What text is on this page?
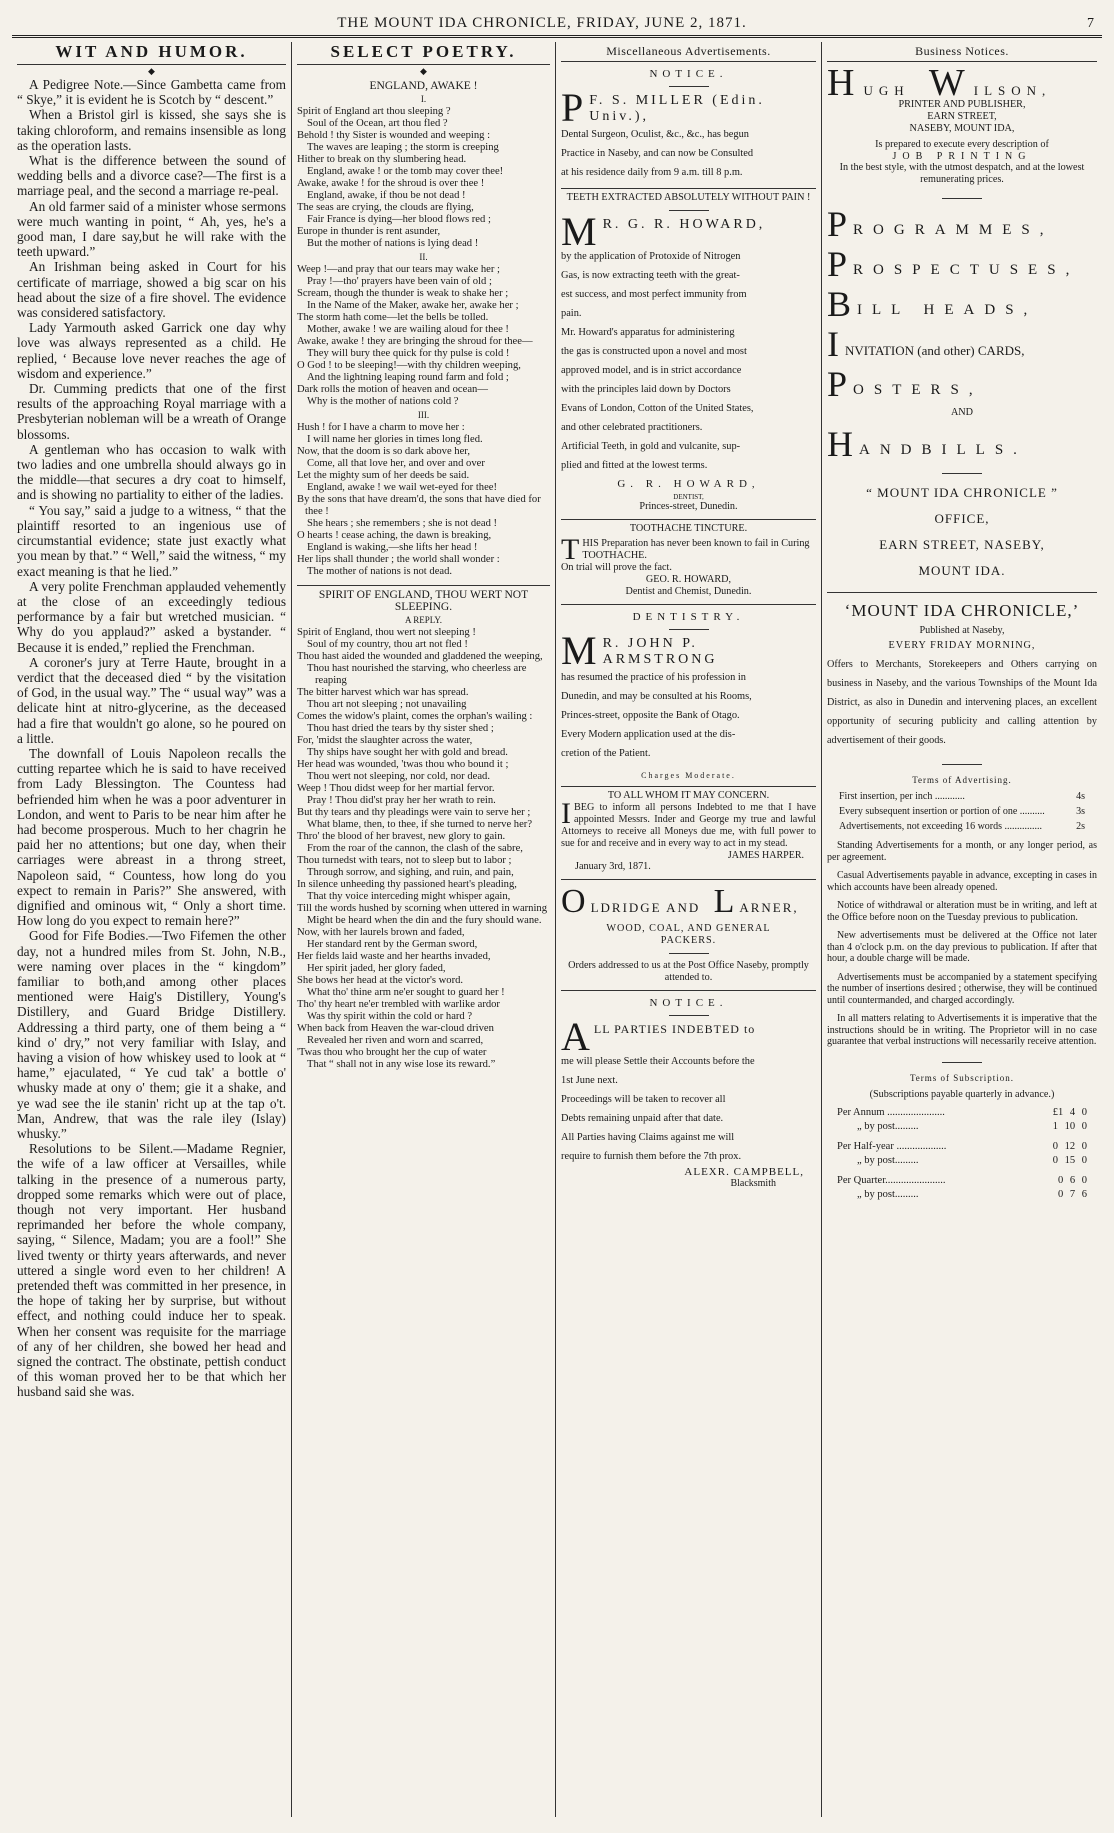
THE MOUNT IDA CHRONICLE, FRIDAY, JUNE 2, 1871.	7
WIT AND HUMOR.
◆

A Pedigree Note.—Since Gambetta came from “ Skye,” it is evident he is Scotch by “ descent.”

When a Bristol girl is kissed, she says she is taking chloroform, and remains insensible as long as the operation lasts.

What is the difference between the sound of wedding bells and a divorce case?—The first is a marriage peal, and the second a marriage re-peal.

An old farmer said of a minister whose sermons were much wanting in point, “ Ah, yes, he's a good man, I dare say,but he will rake with the teeth upward.”

An Irishman being asked in Court for his certificate of marriage, showed a big scar on his head about the size of a fire shovel. The evidence was considered satisfactory.

Lady Yarmouth asked Garrick one day why love was always represented as a child. He replied, ‘ Because love never reaches the age of wisdom and experience.”

Dr. Cumming predicts that one of the first results of the approaching Royal marriage with a Presbyterian nobleman will be a wreath of Orange blossoms.

A gentleman who has occasion to walk with two ladies and one umbrella should always go in the middle—that secures a dry coat to himself, and is showing no partiality to either of the ladies.

“ You say,” said a judge to a witness, “ that the plaintiff resorted to an ingenious use of circumstantial evidence; state just exactly what you mean by that.” “ Well,” said the witness, “ my exact meaning is that he lied.”

A very polite Frenchman applauded vehemently at the close of an exceedingly tedious performance by a fair but wretched musician. “ Why do you applaud?” asked a bystander. “ Because it is ended,” replied the Frenchman.

A coroner's jury at Terre Haute, brought in a verdict that the deceased died “ by the visitation of God, in the usual way.” The “ usual way” was a delicate hint at nitro-glycerine, as the deceased had a fire that wouldn't go alone, so he poured on a little.

The downfall of Louis Napoleon recalls the cutting repartee which he is said to have received from Lady Blessington. The Countess had befriended him when he was a poor adventurer in London, and went to Paris to be near him after he had become prosperous. Much to her chagrin he paid her no attentions; but one day, when their carriages were abreast in a throng street, Napoleon said, “ Countess, how long do you expect to remain in Paris?” She answered, with dignified and ominous wit, “ Only a short time. How long do you expect to remain here?”

Good for Fife Bodies.—Two Fifemen the other day, not a hundred miles from St. John, N.B., were naming over places in the “ kingdom” familiar to both,and among other places mentioned were Haig's Distillery, Young's Distillery, and Guard Bridge Distillery. Addressing a third party, one of them being a “ kind o' dry,” not very familiar with Islay, and having a vision of how whiskey used to look at “ hame,” ejaculated, “ Ye cud tak' a bottle o' whusky made at ony o' them; gie it a shake, and ye wad see the ile stanin' richt up at the tap o't. Man, Andrew, that was the rale iley (Islay) whusky.”

Resolutions to be Silent.—Madame Regnier, the wife of a law officer at Versailles, while talking in the presence of a numerous party, dropped some remarks which were out of place, though not very important. Her husband reprimanded her before the whole company, saying, “ Silence, Madam; you are a fool!” She lived twenty or thirty years afterwards, and never uttered a single word even to her children! A pretended theft was committed in her presence, in the hope of taking her by surprise, but without effect, and nothing could induce her to speak. When her consent was requisite for the marriage of any of her children, she bowed her head and signed the contract. The obstinate, pettish conduct of this woman proved her to be that which her husband said she was.

SELECT POETRY.
◆
ENGLAND, AWAKE !
I.
Spirit of England art thou sleeping ?
Soul of the Ocean, art thou fled ?
Behold ! thy Sister is wounded and weeping :
The waves are leaping ; the storm is creeping
Hither to break on thy slumbering head.
England, awake ! or the tomb may cover thee!
Awake, awake ! for the shroud is over thee !
England, awake, if thou be not dead !
The seas are crying, the clouds are flying,
Fair France is dying—her blood flows red ;
Europe in thunder is rent asunder,
But the mother of nations is lying dead !
II.
Weep !—and pray that our tears may wake her ;
Pray !—tho' prayers have been vain of old ;
Scream, though the thunder is weak to shake her ;
In the Name of the Maker, awake her, awake her ;
The storm hath come—let the bells be tolled.
Mother, awake ! we are wailing aloud for thee !
Awake, awake ! they are bringing the shroud for thee—
They will bury thee quick for thy pulse is cold !
O God ! to be sleeping!—with thy children weeping,
And the lightning leaping round farm and fold ;
Dark rolls the motion of heaven and ocean—
Why is the mother of nations cold ?
III.
Hush ! for I have a charm to move her :
I will name her glories in times long fled.
Now, that the doom is so dark above her,
Come, all that love her, and over and over
Let the mighty sum of her deeds be said.
England, awake ! we wail wet-eyed for thee!
By the sons that have dream'd, the sons that have died for thee !
She hears ; she remembers ; she is not dead !
O hearts ! cease aching, the dawn is breaking,
England is waking,—she lifts her head !
Her lips shall thunder ; the world shall wonder :
The mother of nations is not dead.
SPIRIT OF ENGLAND, THOU WERT NOT SLEEPING.
A REPLY.
Spirit of England, thou wert not sleeping !
Soul of my country, thou art not fled !
Thou hast aided the wounded and gladdened the weeping,
Thou hast nourished the starving, who cheerless are reaping
The bitter harvest which war has spread.
Thou art not sleeping ; not unavailing
Comes the widow's plaint, comes the orphan's wailing :
Thou hast dried the tears by thy sister shed ;
For, 'midst the slaughter across the water,
Thy ships have sought her with gold and bread.
Her head was wounded, 'twas thou who bound it ;
Thou wert not sleeping, nor cold, nor dead.
Weep ! Thou didst weep for her martial fervor.
Pray ! Thou did'st pray her her wrath to rein.
But thy tears and thy pleadings were vain to serve her ;
What blame, then, to thee, if she turned to nerve her?
Thro' the blood of her bravest, new glory to gain.
From the roar of the cannon, the clash of the sabre,
Thou turnedst with tears, not to sleep but to labor ;
Through sorrow, and sighing, and ruin, and pain,
In silence unheeding thy passioned heart's pleading,
That thy voice interceding might whisper again,
Till the words hushed by scorning when uttered in warning
Might be heard when the din and the fury should wane.
Now, with her laurels brown and faded,
Her standard rent by the German sword,
Her fields laid waste and her hearths invaded,
Her spirit jaded, her glory faded,
She bows her head at the victor's word.
What tho' thine arm ne'er sought to guard her !
Tho' thy heart ne'er trembled with warlike ardor
Was thy spirit within the cold or hard ?
When back from Heaven the war-cloud driven
Revealed her riven and worn and scarred,
'Twas thou who brought her the cup of water
That “ shall not in any wise lose its reward.”
Miscellaneous Advertisements.
NOTICE.
P F. S. MILLER (Edin. Univ.),
Dental Surgeon, Oculist, &c., &c., has begun
Practice in Naseby, and can now be Consulted
at his residence daily from 9 a.m. till 8 p.m.
TEETH EXTRACTED ABSOLUTELY WITHOUT PAIN !
M R. G. R. HOWARD,
by the application of Protoxide of Nitrogen
Gas, is now extracting teeth with the great-
est success, and most perfect immunity from
pain.
Mr. Howard's apparatus for administering
the gas is constructed upon a novel and most
approved model, and is in strict accordance
with the principles laid down by Doctors
Evans of London, Cotton of the United States,
and other celebrated practitioners.
Artificial Teeth, in gold and vulcanite, sup-
plied and fitted at the lowest terms.
G. R. HOWARD,
DENTIST,
Princes-street, Dunedin.
TOOTHACHE TINCTURE.
T HIS Preparation has never been known to fail in Curing TOOTHACHE.
On trial will prove the fact.
GEO. R. HOWARD,
Dentist and Chemist, Dunedin.
DENTISTRY.
M R. JOHN P. ARMSTRONG
has resumed the practice of his profession in
Dunedin, and may be consulted at his Rooms,
Princes-street, opposite the Bank of Otago.
Every Modern application used at the dis-
cretion of the Patient.
Charges Moderate.
TO ALL WHOM IT MAY CONCERN.
I BEG to inform all persons Indebted to me that I have appointed Messrs. Inder and George my true and lawful Attorneys to receive all Moneys due me, with full power to sue for and receive and in every way to act in my stead.
JAMES HARPER.
January 3rd, 1871.
OLDRIDGE AND L ARNER,
WOOD, COAL, AND GENERAL PACKERS.
Orders addressed to us at the Post Office Naseby, promptly attended to.
NOTICE.
ALL PARTIES INDEBTED to
me will please Settle their Accounts before the
1st June next.
Proceedings will be taken to recover all
Debts remaining unpaid after that date.
All Parties having Claims against me will
require to furnish them before the 7th prox.
ALEXR. CAMPBELL,
Blacksmith
Business Notices.
HUGH W ILSON,
PRINTER AND PUBLISHER,
EARN STREET,
NASEBY, MOUNT IDA,
Is prepared to execute every description of
JOB PRINTING
In the best style, with the utmost despatch, and at the lowest remunerating prices.
P ROGRAMMES,
P ROSPECTUSES,
B ILL HEADS,
I NVITATION (and other) CARDS,
P OSTERS,
AND
H ANDBILLS.
“ MOUNT IDA CHRONICLE ”
OFFICE,
EARN STREET, NASEBY,
MOUNT IDA.
‘MOUNT IDA CHRONICLE,’
Published at Naseby,
EVERY FRIDAY MORNING,
Offers to Merchants, Storekeepers and Others carrying on business in Naseby, and the various Townships of the Mount Ida District, as also in Dunedin and intervening places, an excellent opportunity of securing publicity and calling attention by advertisement of their goods.
Terms of Advertising.
First insertion, per inch ............	4s
Every subsequent insertion or portion of one ..........	3s
Advertisements, not exceeding 16 words ...............	2s
Standing Advertisements for a month, or any longer period, as per agreement.
Casual Advertisements payable in advance, excepting in cases in which accounts have been already opened.
Notice of withdrawal or alteration must be in writing, and left at the Office before noon on the Tuesday previous to publication.
New advertisements must be delivered at the Office not later than 4 o'clock p.m. on the day previous to publication. If after that hour, a double charge will be made.
Advertisements must be accompanied by a statement specifying the number of insertions desired ; otherwise, they will be continued until countermanded, and charged accordingly.
In all matters relating to Advertisements it is imperative that the instructions should be in writing. The Proprietor will in no case guarantee that verbal instructions will necessarily receive attention.
Terms of Subscription.
(Subscriptions payable quarterly in advance.)
Per Annum ......................	£1 4 0
„ by post.........	1 10 0
Per Half-year ...................	0 12 0
„ by post.........	0 15 0
Per Quarter.......................	0 6 0
„ by post.........	0 7 6
